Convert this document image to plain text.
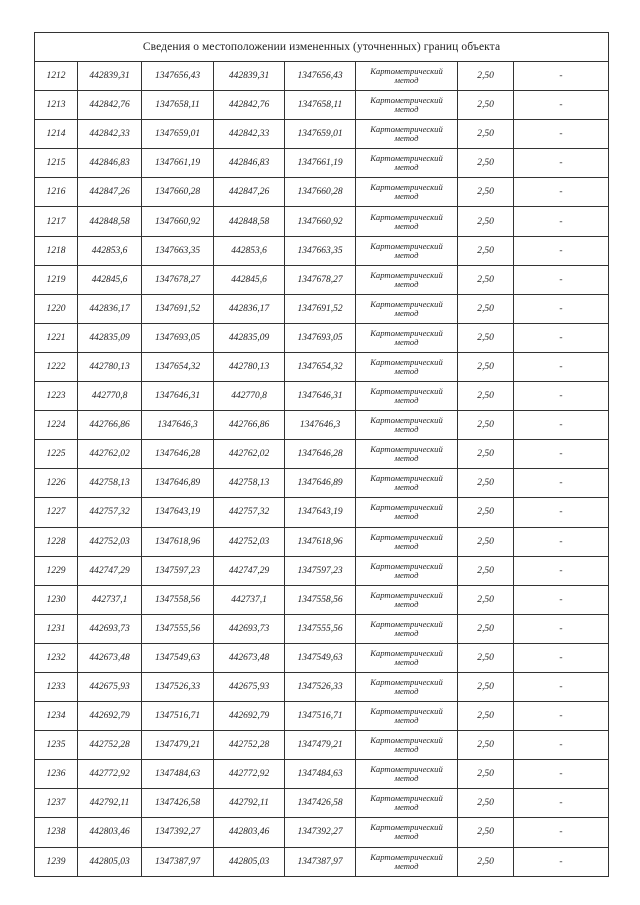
Сведения о местоположении измененных (уточненных) границ объекта							
1212	442839,31	1347656,43	442839,31	1347656,43	Картометрический
метод	2,50	-
1213	442842,76	1347658,11	442842,76	1347658,11	Картометрический
метод	2,50	-
1214	442842,33	1347659,01	442842,33	1347659,01	Картометрический
метод	2,50	-
1215	442846,83	1347661,19	442846,83	1347661,19	Картометрический
метод	2,50	-
1216	442847,26	1347660,28	442847,26	1347660,28	Картометрический
метод	2,50	-
1217	442848,58	1347660,92	442848,58	1347660,92	Картометрический
метод	2,50	-
1218	442853,6	1347663,35	442853,6	1347663,35	Картометрический
метод	2,50	-
1219	442845,6	1347678,27	442845,6	1347678,27	Картометрический
метод	2,50	-
1220	442836,17	1347691,52	442836,17	1347691,52	Картометрический
метод	2,50	-
1221	442835,09	1347693,05	442835,09	1347693,05	Картометрический
метод	2,50	-
1222	442780,13	1347654,32	442780,13	1347654,32	Картометрический
метод	2,50	-
1223	442770,8	1347646,31	442770,8	1347646,31	Картометрический
метод	2,50	-
1224	442766,86	1347646,3	442766,86	1347646,3	Картометрический
метод	2,50	-
1225	442762,02	1347646,28	442762,02	1347646,28	Картометрический
метод	2,50	-
1226	442758,13	1347646,89	442758,13	1347646,89	Картометрический
метод	2,50	-
1227	442757,32	1347643,19	442757,32	1347643,19	Картометрический
метод	2,50	-
1228	442752,03	1347618,96	442752,03	1347618,96	Картометрический
метод	2,50	-
1229	442747,29	1347597,23	442747,29	1347597,23	Картометрический
метод	2,50	-
1230	442737,1	1347558,56	442737,1	1347558,56	Картометрический
метод	2,50	-
1231	442693,73	1347555,56	442693,73	1347555,56	Картометрический
метод	2,50	-
1232	442673,48	1347549,63	442673,48	1347549,63	Картометрический
метод	2,50	-
1233	442675,93	1347526,33	442675,93	1347526,33	Картометрический
метод	2,50	-
1234	442692,79	1347516,71	442692,79	1347516,71	Картометрический
метод	2,50	-
1235	442752,28	1347479,21	442752,28	1347479,21	Картометрический
метод	2,50	-
1236	442772,92	1347484,63	442772,92	1347484,63	Картометрический
метод	2,50	-
1237	442792,11	1347426,58	442792,11	1347426,58	Картометрический
метод	2,50	-
1238	442803,46	1347392,27	442803,46	1347392,27	Картометрический
метод	2,50	-
1239	442805,03	1347387,97	442805,03	1347387,97	Картометрический
метод	2,50	-
